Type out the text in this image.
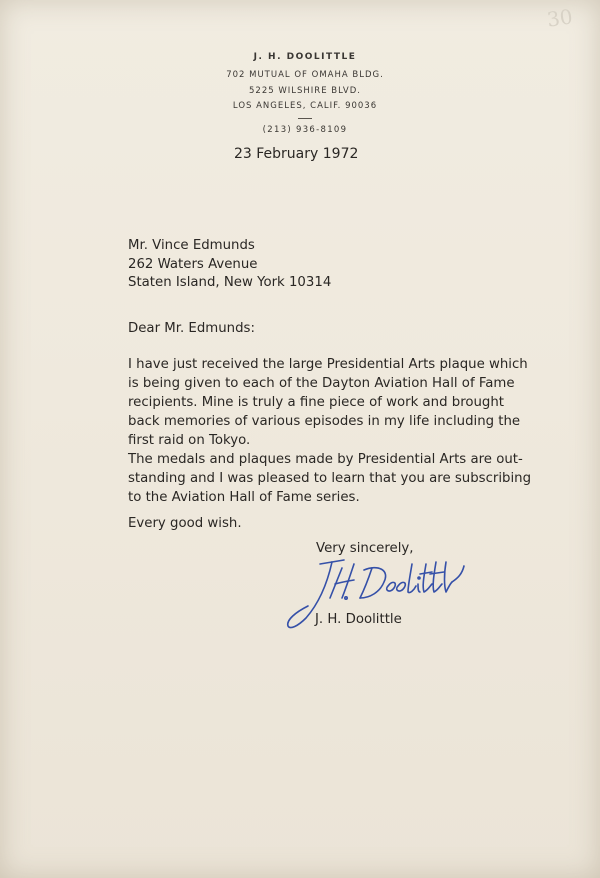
30
J. H. DOOLITTLE
702 MUTUAL OF OMAHA BLDG.
5225 WILSHIRE BLVD.
LOS ANGELES, CALIF. 90036
(213) 936-8109
23 February 1972
Mr. Vince Edmunds
262 Waters Avenue
Staten Island, New York 10314
Dear Mr. Edmunds:
I have just received the large Presidential Arts plaque which
is being given to each of the Dayton Aviation Hall of Fame
recipients. Mine is truly a fine piece of work and brought
back memories of various episodes in my life including the
first raid on Tokyo.
The medals and plaques made by Presidential Arts are out-
standing and I was pleased to learn that you are subscribing
to the Aviation Hall of Fame series.
Every good wish.
Very sincerely,
J. H. Doolittle
